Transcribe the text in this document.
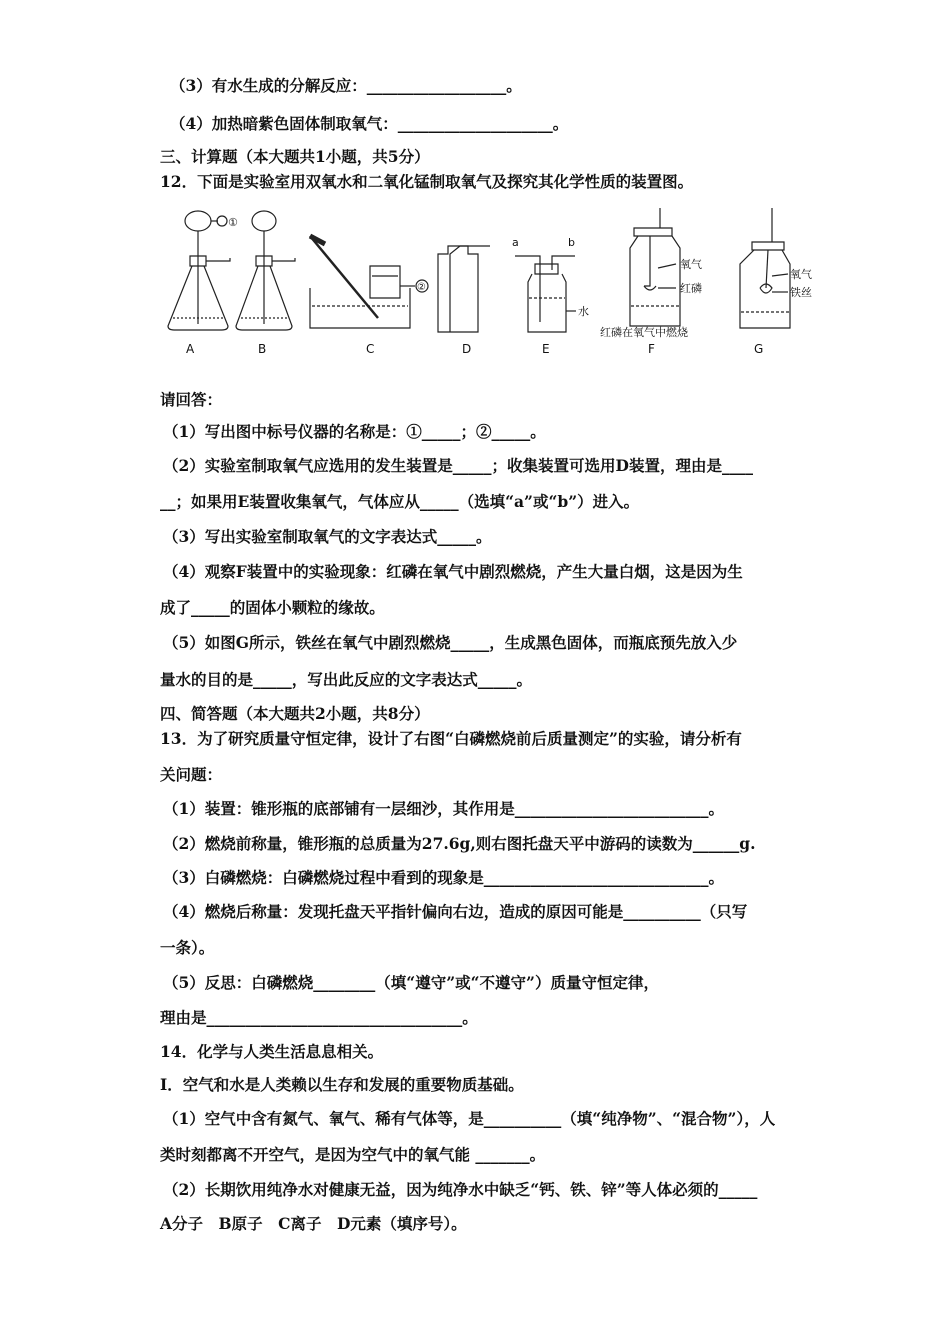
（3）有水生成的分解反应：__________________。
（4）加热暗紫色固体制取氧气：____________________。
三、计算题（本大题共1小题，共5分）
12．下面是实验室用双氧水和二氧化锰制取氧气及探究其化学性质的装置图。
①
A	B
②
C	D
a	b
水
E
氧气
红磷
红磷在氧气中燃烧
F
氧气
铁丝
G
请回答：
（1）写出图中标号仪器的名称是：①_____；②_____。
（2）实验室制取氧气应选用的发生装置是_____；收集装置可选用D装置，理由是____
__；如果用E装置收集氧气，气体应从_____（选填“a”或“b”）进入。
（3）写出实验室制取氧气的文字表达式_____。
（4）观察F装置中的实验现象：红磷在氧气中剧烈燃烧，产生大量白烟，这是因为生
成了_____的固体小颗粒的缘故。
（5）如图G所示，铁丝在氧气中剧烈燃烧_____，生成黑色固体，而瓶底预先放入少
量水的目的是_____，写出此反应的文字表达式_____。
四、简答题（本大题共2小题，共8分）
13．为了研究质量守恒定律，设计了右图“白磷燃烧前后质量测定”的实验，请分析有
关问题：
（1）装置：锥形瓶的底部铺有一层细沙，其作用是_________________________。
（2）燃烧前称量，锥形瓶的总质量为27.6g,则右图托盘天平中游码的读数为______g.
（3）白磷燃烧：白磷燃烧过程中看到的现象是_____________________________。
（4）燃烧后称量：发现托盘天平指针偏向右边，造成的原因可能是__________（只写
一条）。
（5）反思：白磷燃烧________（填“遵守”或“不遵守”）质量守恒定律，
理由是_________________________________。
14．化学与人类生活息息相关。
I．空气和水是人类赖以生存和发展的重要物质基础。
（1）空气中含有氮气、氧气、稀有气体等，是__________（填“纯净物”、“混合物”），人
类时刻都离不开空气，是因为空气中的氧气能 _______。
（2）长期饮用纯净水对健康无益，因为纯净水中缺乏“钙、铁、锌”等人体必须的_____
A分子　B原子　C离子　D元素（填序号）。
